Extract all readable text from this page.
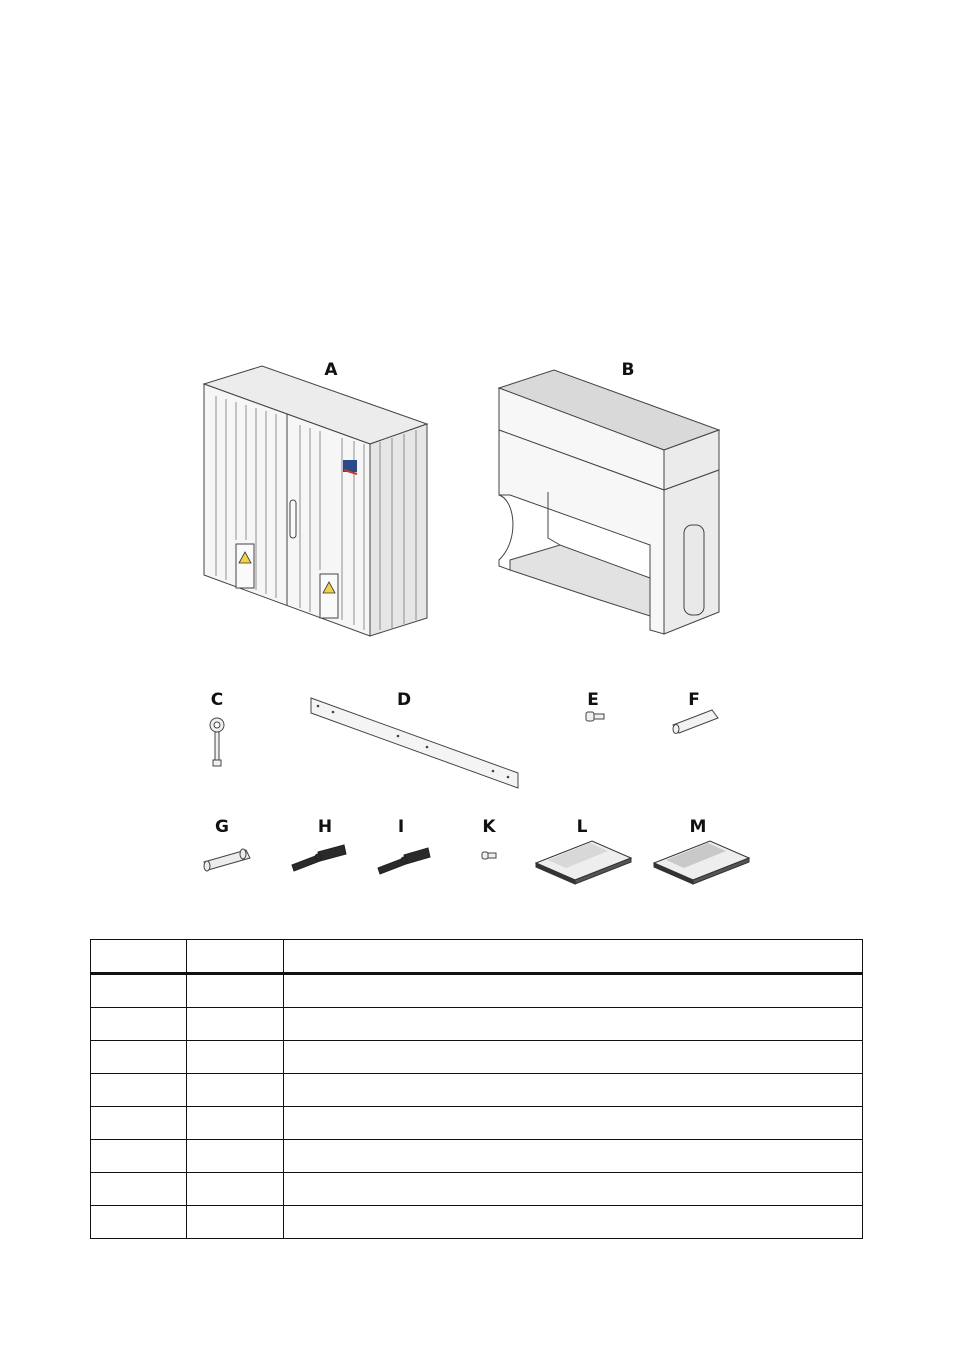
A	B
C	D	E	F
G	H	I	K	L	M
